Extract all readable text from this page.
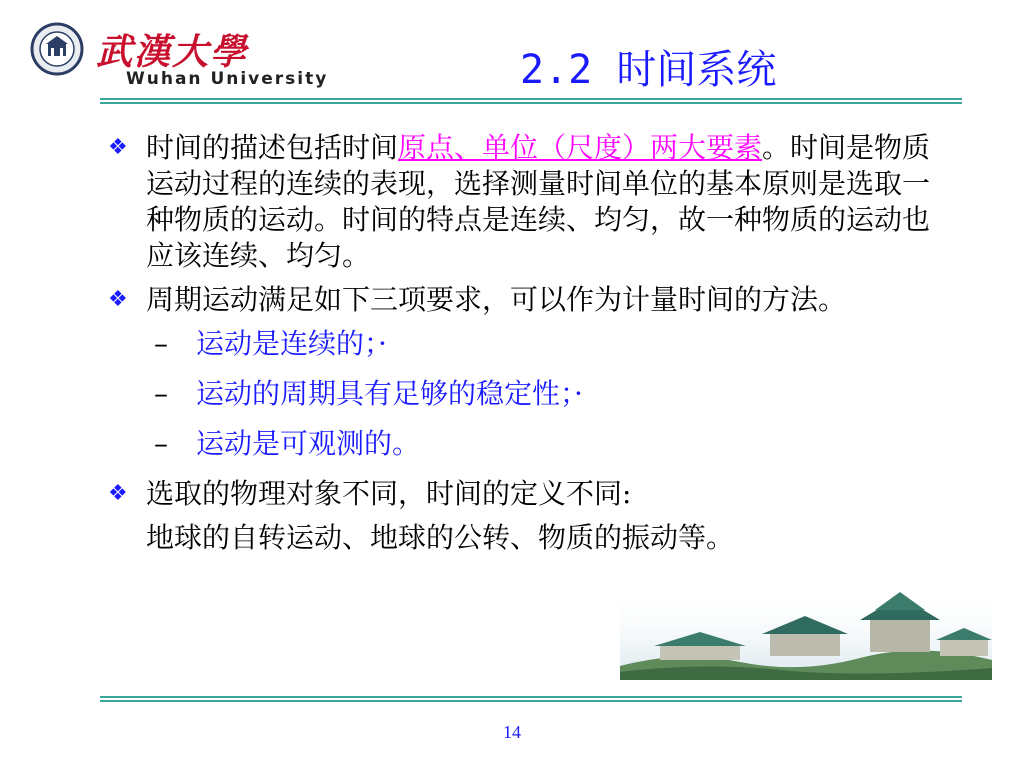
武漢大學
Wuhan University	2.2 时间系统
❖ 时间的描述包括时间原点、单位（尺度）两大要素。时间是物质运动过程的连续的表现，选择测量时间单位的基本原则是选取一种物质的运动。时间的特点是连续、均匀，故一种物质的运动也应该连续、均匀。
❖ 周期运动满足如下三项要求，可以作为计量时间的方法。
– 运动是连续的；·
– 运动的周期具有足够的稳定性；·
– 运动是可观测的。
❖ 选取的物理对象不同，时间的定义不同:
地球的自转运动、地球的公转、物质的振动等。
14
